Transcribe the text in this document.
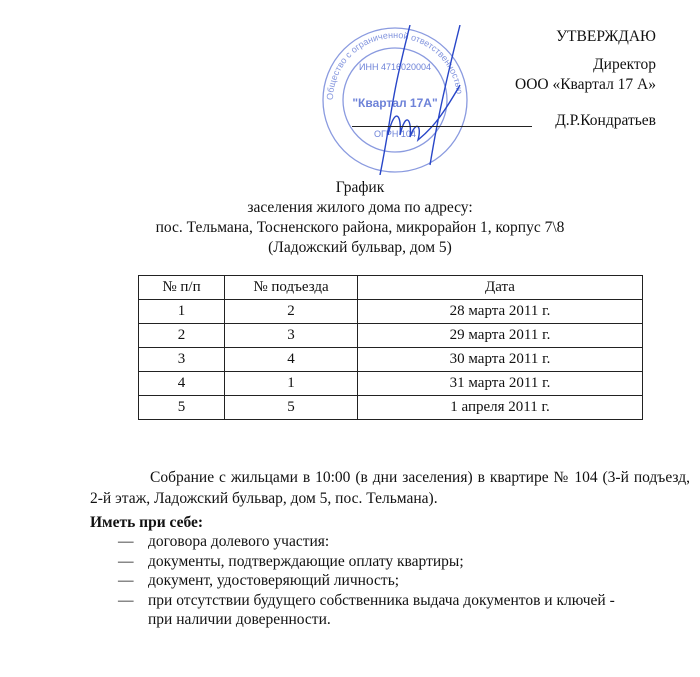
Общество с ограниченной ответственностью
ИНН 4716020004
"Квартал 17А"
ОГРН 104
УТВЕРЖДАЮ
Директор
ООО «Квартал 17 А»
Д.Р.Кондратьев
График
заселения жилого дома по адресу:
пос. Тельмана, Тосненского района, микрорайон 1, корпус 7\8
(Ладожский бульвар, дом 5)
№ п/п	№ подъезда	Дата
1	2	28 марта 2011 г.
2	3	29 марта 2011 г.
3	4	30 марта 2011 г.
4	1	31 марта 2011 г.
5	5	1 апреля 2011 г.
Собрание с жильцами в 10:00 (в дни заселения) в квартире № 104 (3-й подъезд, 2-й этаж, Ладожский бульвар, дом 5, пос. Тельмана).
Иметь при себе:
— договора долевого участия:
— документы, подтверждающие оплату квартиры;
— документ, удостоверяющий личность;
— при отсутствии будущего собственника выдача документов и ключей - при наличии доверенности.
